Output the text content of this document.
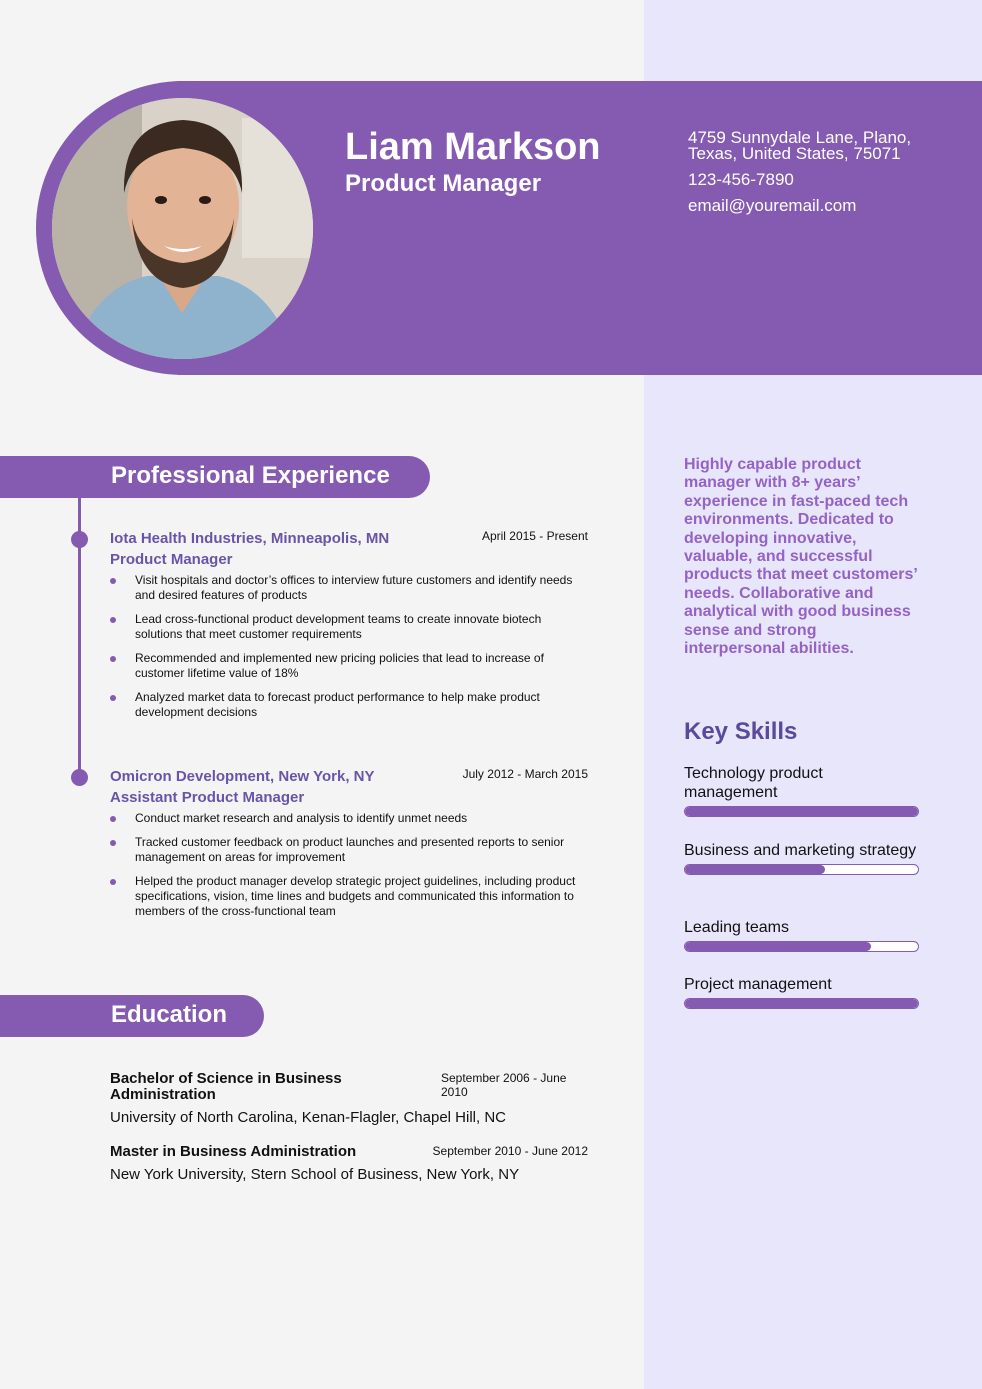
Liam Markson
Product Manager
4759 Sunnydale Lane, Plano, Texas, United States, 75071
123-456-7890
email@youremail.com
Professional Experience
Iota Health Industries, Minneapolis, MN	April 2015 - Present
Product Manager
Visit hospitals and doctor’s offices to interview future customers and identify needs and desired features of products
Lead cross-functional product development teams to create innovate biotech solutions that meet customer requirements
Recommended and implemented new pricing policies that lead to increase of customer lifetime value of 18%
Analyzed market data to forecast product performance to help make product development decisions
Omicron Development, New York, NY	July 2012 - March 2015
Assistant Product Manager
Conduct market research and analysis to identify unmet needs
Tracked customer feedback on product launches and presented reports to senior management on areas for improvement
Helped the product manager develop strategic project guidelines, including product specifications, vision, time lines and budgets and communicated this information to members of the cross-functional team
Education
Bachelor of Science in Business Administration
September 2006 - June 2010
University of North Carolina, Kenan-Flagler, Chapel Hill, NC
Master in Business Administration	September 2010 - June 2012
New York University, Stern School of Business, New York, NY
Highly capable product manager with 8+ years’ experience in fast-paced tech environments. Dedicated to developing innovative, valuable, and successful products that meet customers’ needs. Collaborative and analytical with good business sense and strong interpersonal abilities.
Key Skills
Technology product management
Business and marketing strategy
Leading teams
Project management
